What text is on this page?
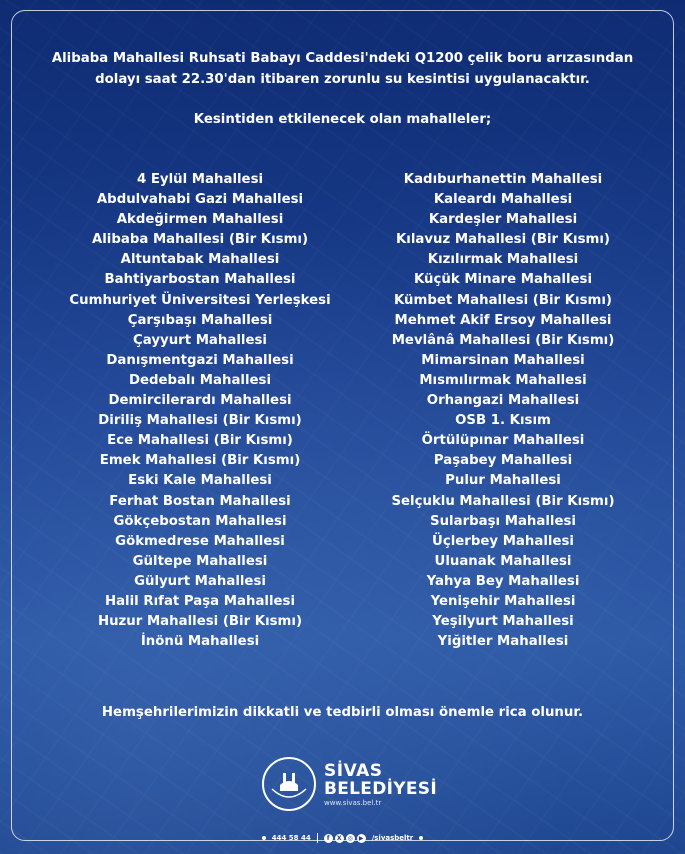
Alibaba Mahallesi Ruhsati Babayı Caddesi'ndeki Q1200 çelik boru arızasından
dolayı saat 22.30'dan itibaren zorunlu su kesintisi uygulanacaktır.
Kesintiden etkilenecek olan mahalleler;
4 Eylül Mahallesi
Abdulvahabi Gazi Mahallesi
Akdeğirmen Mahallesi
Alibaba Mahallesi (Bir Kısmı)
Altuntabak Mahallesi
Bahtiyarbostan Mahallesi
Cumhuriyet Üniversitesi Yerleşkesi
Çarşıbaşı Mahallesi
Çayyurt Mahallesi
Danışmentgazi Mahallesi
Dedebalı Mahallesi
Demircilerardı Mahallesi
Diriliş Mahallesi (Bir Kısmı)
Ece Mahallesi (Bir Kısmı)
Emek Mahallesi (Bir Kısmı)
Eski Kale Mahallesi
Ferhat Bostan Mahallesi
Gökçebostan Mahallesi
Gökmedrese Mahallesi
Gültepe Mahallesi
Gülyurt Mahallesi
Halil Rıfat Paşa Mahallesi
Huzur Mahallesi (Bir Kısmı)
İnönü Mahallesi
Kadıburhanettin Mahallesi
Kaleardı Mahallesi
Kardeşler Mahallesi
Kılavuz Mahallesi (Bir Kısmı)
Kızılırmak Mahallesi
Küçük Minare Mahallesi
Kümbet Mahallesi (Bir Kısmı)
Mehmet Akif Ersoy Mahallesi
Mevlânâ Mahallesi (Bir Kısmı)
Mimarsinan Mahallesi
Mısmılırmak Mahallesi
Orhangazi Mahallesi
OSB 1. Kısım
Örtülüpınar Mahallesi
Paşabey Mahallesi
Pulur Mahallesi
Selçuklu Mahallesi (Bir Kısmı)
Sularbaşı Mahallesi
Üçlerbey Mahallesi
Uluanak Mahallesi
Yahya Bey Mahallesi
Yenişehir Mahallesi
Yeşilyurt Mahallesi
Yiğitler Mahallesi
Hemşehrilerimizin dikkatli ve tedbirli olması önemle rica olunur.
SİVAS
BELEDİYESİ
www.sivas.bel.tr
444 58 44	f	X	◎	▶	/sivasbeltr
